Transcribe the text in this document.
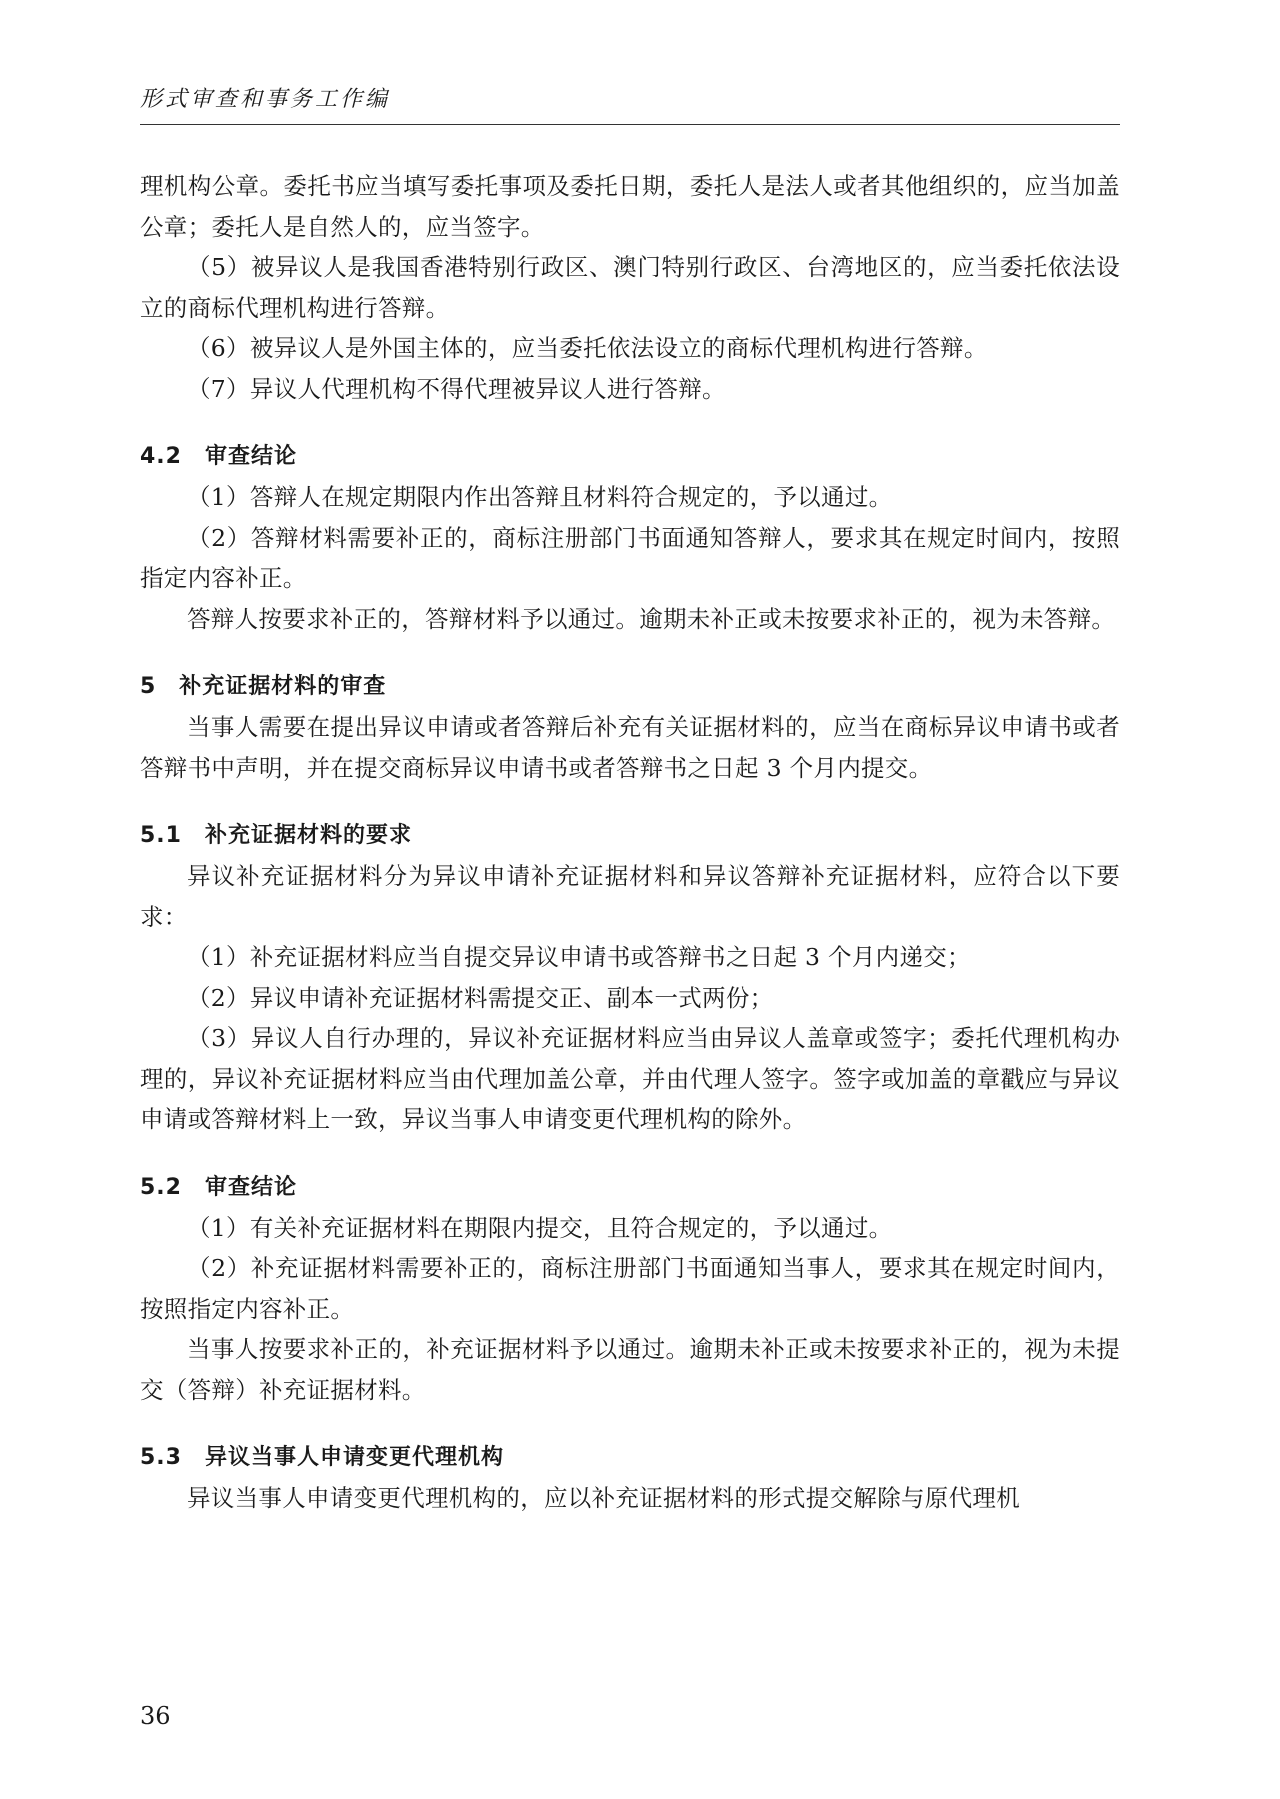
形式审查和事务工作编

理机构公章。委托书应当填写委托事项及委托日期，委托人是法人或者其他组织的，应当加盖公章；委托人是自然人的，应当签字。

（5）被异议人是我国香港特别行政区、澳门特别行政区、台湾地区的，应当委托依法设立的商标代理机构进行答辩。

（6）被异议人是外国主体的，应当委托依法设立的商标代理机构进行答辩。

（7）异议人代理机构不得代理被异议人进行答辩。

4.2　审查结论

（1）答辩人在规定期限内作出答辩且材料符合规定的，予以通过。

（2）答辩材料需要补正的，商标注册部门书面通知答辩人，要求其在规定时间内，按照指定内容补正。

答辩人按要求补正的，答辩材料予以通过。逾期未补正或未按要求补正的，视为未答辩。

5　补充证据材料的审查

当事人需要在提出异议申请或者答辩后补充有关证据材料的，应当在商标异议申请书或者答辩书中声明，并在提交商标异议申请书或者答辩书之日起 3 个月内提交。

5.1　补充证据材料的要求

异议补充证据材料分为异议申请补充证据材料和异议答辩补充证据材料，应符合以下要求：

（1）补充证据材料应当自提交异议申请书或答辩书之日起 3 个月内递交；

（2）异议申请补充证据材料需提交正、副本一式两份；

（3）异议人自行办理的，异议补充证据材料应当由异议人盖章或签字；委托代理机构办理的，异议补充证据材料应当由代理加盖公章，并由代理人签字。签字或加盖的章戳应与异议申请或答辩材料上一致，异议当事人申请变更代理机构的除外。

5.2　审查结论

（1）有关补充证据材料在期限内提交，且符合规定的，予以通过。

（2）补充证据材料需要补正的，商标注册部门书面通知当事人，要求其在规定时间内，按照指定内容补正。

当事人按要求补正的，补充证据材料予以通过。逾期未补正或未按要求补正的，视为未提交（答辩）补充证据材料。

5.3　异议当事人申请变更代理机构

异议当事人申请变更代理机构的，应以补充证据材料的形式提交解除与原代理机

36
